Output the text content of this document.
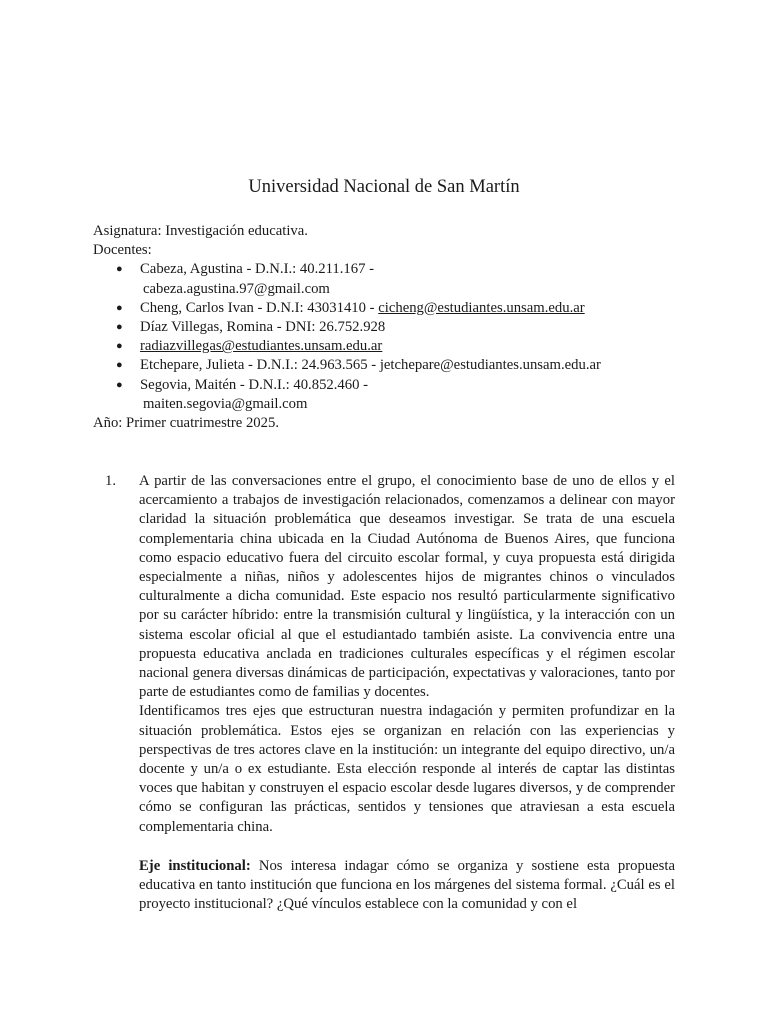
Universidad Nacional de San Martín

Asignatura: Investigación educativa.

Docentes:

● Cabeza, Agustina - D.N.I.: 40.211.167 -
cabeza.agustina.97@gmail.com
● Cheng, Carlos Ivan - D.N.I: 43031410 - cicheng@estudiantes.unsam.edu.ar
● Díaz Villegas, Romina - DNI: 26.752.928
● radiazvillegas@estudiantes.unsam.edu.ar
● Etchepare, Julieta - D.N.I.: 24.963.565 - jetchepare@estudiantes.unsam.edu.ar
● Segovia, Maitén - D.N.I.: 40.852.460 -
maiten.segovia@gmail.com

Año: Primer cuatrimestre 2025.

1. A partir de las conversaciones entre el grupo, el conocimiento base de uno de ellos y el acercamiento a trabajos de investigación relacionados, comenzamos a delinear con mayor claridad la situación problemática que deseamos investigar. Se trata de una escuela complementaria china ubicada en la Ciudad Autónoma de Buenos Aires, que funciona como espacio educativo fuera del circuito escolar formal, y cuya propuesta está dirigida especialmente a niñas, niños y adolescentes hijos de migrantes chinos o vinculados culturalmente a dicha comunidad. Este espacio nos resultó particularmente significativo por su carácter híbrido: entre la transmisión cultural y lingüística, y la interacción con un sistema escolar oficial al que el estudiantado también asiste. La convivencia entre una propuesta educativa anclada en tradiciones culturales específicas y el régimen escolar nacional genera diversas dinámicas de participación, expectativas y valoraciones, tanto por parte de estudiantes como de familias y docentes.

Identificamos tres ejes que estructuran nuestra indagación y permiten profundizar en la situación problemática. Estos ejes se organizan en relación con las experiencias y perspectivas de tres actores clave en la institución: un integrante del equipo directivo, un/a docente y un/a o ex estudiante. Esta elección responde al interés de captar las distintas voces que habitan y construyen el espacio escolar desde lugares diversos, y de comprender cómo se configuran las prácticas, sentidos y tensiones que atraviesan a esta escuela complementaria china.

Eje institucional: Nos interesa indagar cómo se organiza y sostiene esta propuesta educativa en tanto institución que funciona en los márgenes del sistema formal. ¿Cuál es el proyecto institucional? ¿Qué vínculos establece con la comunidad y con el
